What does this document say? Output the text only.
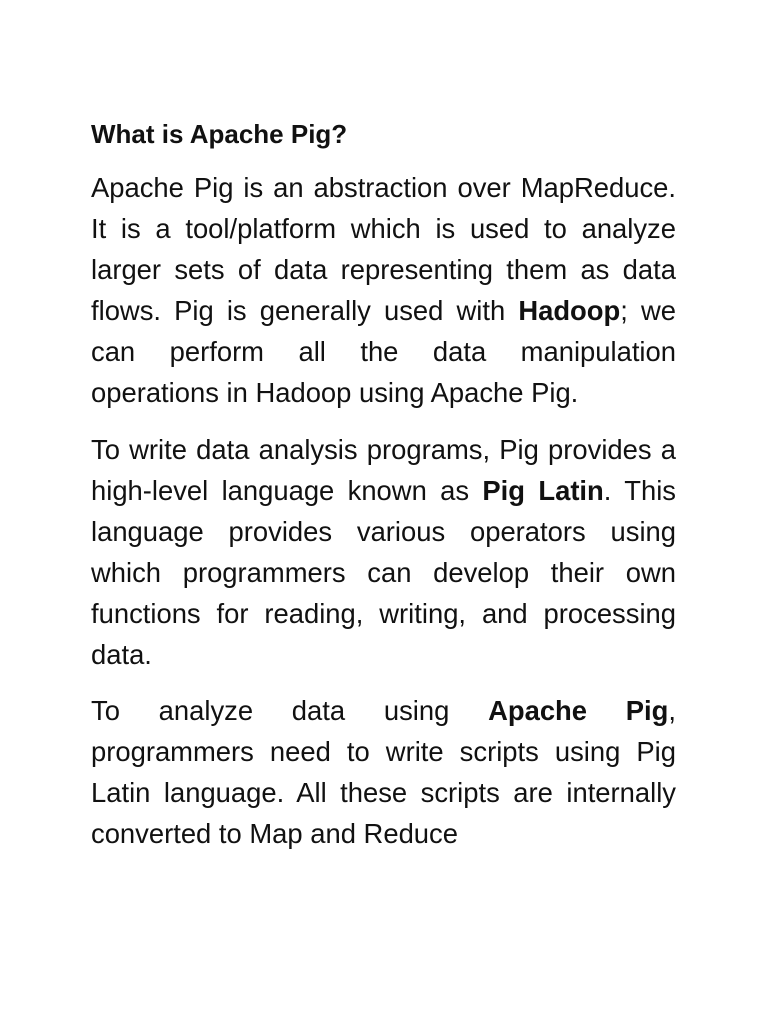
What is Apache Pig?

Apache Pig is an abstraction over MapReduce. It is a tool/platform which is used to analyze larger sets of data representing them as data flows. Pig is generally used with Hadoop; we can perform all the data manipulation operations in Hadoop using Apache Pig.

To write data analysis programs, Pig provides a high-level language known as Pig Latin. This language provides various operators using which programmers can develop their own functions for reading, writing, and processing data.

To analyze data using Apache Pig, programmers need to write scripts using Pig Latin language. All these scripts are internally converted to Map and Reduce
